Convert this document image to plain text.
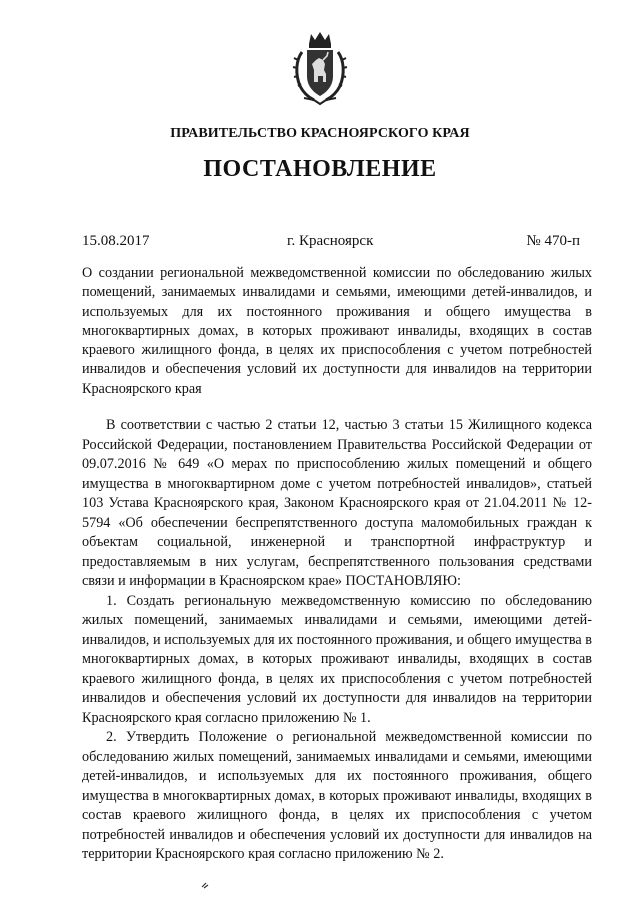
ПРАВИТЕЛЬСТВО КРАСНОЯРСКОГО КРАЯ
ПОСТАНОВЛЕНИЕ
15.08.2017	г. Красноярск	№ 470-п
О создании региональной межведомственной комиссии по обследованию жилых помещений, занимаемых инвалидами и семьями, имеющими детей-инвалидов, и используемых для их постоянного проживания и общего имущества в многоквартирных домах, в которых проживают инвалиды, входящих в состав краевого жилищного фонда, в целях их приспособления с учетом потребностей инвалидов и обеспечения условий их доступности для инвалидов на территории Красноярского края

В соответствии с частью 2 статьи 12, частью 3 статьи 15 Жилищного кодекса Российской Федерации, постановлением Правительства Российской Федерации от 09.07.2016 № 649 «О мерах по приспособлению жилых помещений и общего имущества в многоквартирном доме с учетом потребностей инвалидов», статьей 103 Устава Красноярского края, Законом Красноярского края от 21.04.2011 № 12-5794 «Об обеспечении беспрепятственного доступа маломобильных граждан к объектам социальной, инженерной и транспортной инфраструктур и предоставляемым в них услугам, беспрепятственного пользования средствами связи и информации в Красноярском крае» ПОСТАНОВЛЯЮ:

1. Создать региональную межведомственную комиссию по обследованию жилых помещений, занимаемых инвалидами и семьями, имеющими детей-инвалидов, и используемых для их постоянного проживания, и общего имущества в многоквартирных домах, в которых проживают инвалиды, входящих в состав краевого жилищного фонда, в целях их приспособления с учетом потребностей инвалидов и обеспечения условий их доступности для инвалидов на территории Красноярского края согласно приложению № 1.

2. Утвердить Положение о региональной межведомственной комиссии по обследованию жилых помещений, занимаемых инвалидами и семьями, имеющими детей-инвалидов, и используемых для их постоянного проживания, общего имущества в многоквартирных домах, в которых проживают инвалиды, входящих в состав краевого жилищного фонда, в целях их приспособления с учетом потребностей инвалидов и обеспечения условий их доступности для инвалидов на территории Красноярского края согласно приложению № 2.
